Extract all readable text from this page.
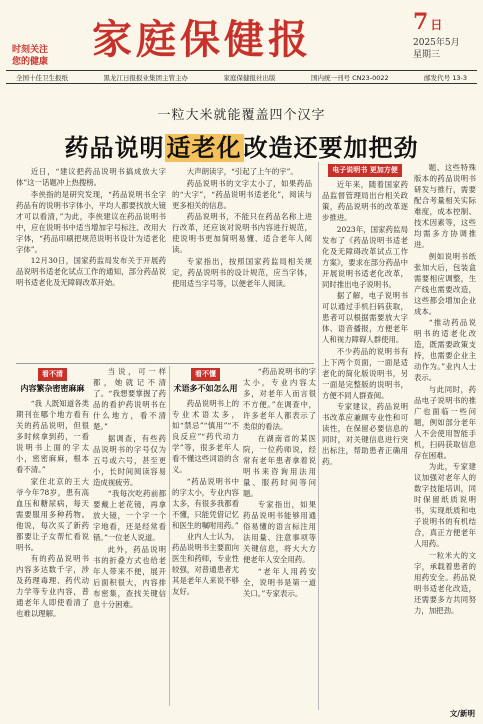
时刻关注
您的健康	家庭保健报	7 日
2025年5月
星期三
全国十佳卫生报纸	黑龙江日报报业集团主管主办	家庭保健报社出版	国内统一刊号 CN23-0022	邮发代号 13-3
一粒大米就能覆盖四个汉字
药品说明适老化改造还要加把劲

近日，“建议把药品说明书搞成放大字体”这一话题冲上热搜榜。

李侠指的是研究发现，“药品说明书全字药品有的说明书字体小，平均人都要找放大镜才可以看清，”为此，李侠建议在药品说明书中，应在说明书中适当增加字号标注、改用大字体，“药品印刷把规范说明书设计为适老化字体”。

12月30日，国家药监局发布关于开展药品说明书适老化试点工作的通知，部分药品说明书适老化及无障碍改革开始。

大声朗读字，“引起了上午的宇”。

药品说明书的文字太小了，如果药品的“大字”，“药品说明书适老化”，阅读与更多相关的信息。

药品说明书，不能只在药品名称上进行改革，还应该对说明书内容进行规范，使说明书更加简明易懂、适合老年人阅读。

专家指出，按照国家药监局相关规定，药品说明书的设计规范，应当字体，使用适当字号等，以便老年人阅读。

看不清
内容繁杂密密麻麻

“我 人既知道各类期刊在哪个地方看有关的药品说明，但很多时候拿到药，一看说明书上面的字太小，密密麻麻，根本看不清。”

家住北京的王大爷今年78岁，患有高血压和糖尿病，每天需要服用多种药物。他说，每次买了新药都要让子女帮忙看说明书。

有的药品说明书内容多达数千字，涉及药理毒理、药代动力学等专业内容，普通老年人即使看清了也难以理解。

当说，可一样都，她就记不清了。“我想要掌握了药品的看护药说明书在什么地方，看不清楚。”

据调查，有些药品说明书的字号仅为五号或六号，甚至更小，长时间阅读容易造成视疲劳。

“我每次吃药前都要戴上老花镜，再拿放大镜，一个字一个字地看，还是经常看错。”一位老人说道。

此外，药品说明书的折叠方式也给老年人带来不便，展开后面积很大，内容排布密集，查找关键信息十分困难。

看不懂
术语多不如怎么用

药品说明书上的专业术语太多，如“禁忌”“慎用”“不良反应”“药代动力学”等，很多老年人看不懂这些词语的含义。

“药品说明书中的字太小，专业内容太多，有很多我都看不懂，只能凭借记忆和医生的嘱咐用药。”

业内人士认为，药品说明书主要面向医生和药师，专业性较强，对普通患者尤其是老年人来说不够友好。

“药品说明书的字太小，专业内容太多，对老年人而言很不方便。”在调查中，许多老年人都表示了类似的看法。

在湖南省的某医院，一位药师说，经常有老年患者拿着说明书来咨询用法用量、服药时间等问题。

专家指出，如果药品说明书能够用通俗易懂的语言标注用法用量、注意事项等关键信息，将大大方便老年人安全用药。

“老年人用药安全，说明书是第一道关口。”专家表示。

电子说明书 更加方便

近年来，随着国家药品监督管理局出台相关政策，药品说明书的改革逐步推进。

2023年，国家药监局发布了《药品说明书适老化及无障碍改革试点工作方案》，要求在部分药品中开展说明书适老化改革，同时推出电子说明书。

据了解，电子说明书可以通过手机扫码获取，患者可以根据需要放大字体、语音播报，方便老年人和视力障碍人群使用。

不少药品的说明书有上下两个页面，一面是适老化的简化版说明书，另一面是完整版的说明书，方便不同人群查阅。

专家建议，药品说明书改革应兼顾专业性和可读性，在保留必要信息的同时，对关键信息进行突出标注，帮助患者正确用药。

题、这些特殊版本的药品说明书研发与推行，需要配合考量相关实际难度，成本控制、技术因素等，这些均需多方协调推进。

例如说明书纸张加大后，包装盒需要相应调整，生产线也需要改造，这些都会增加企业成本。

“推动药品说明书的适老化改造，既需要政策支持，也需要企业主动作为。”业内人士表示。

与此同时，药品电子说明书的推广也面临一些问题，例如部分老年人不会使用智能手机，扫码获取信息存在困难。

为此，专家建议加强对老年人的数字技能培训，同时保留纸质说明书，实现纸质和电子说明书的有机结合，真正方便老年人用药。

一粒米大的文字，承载着患者的用药安全。药品说明书适老化改造，还需要多方共同努力，加把劲。

文/新明
